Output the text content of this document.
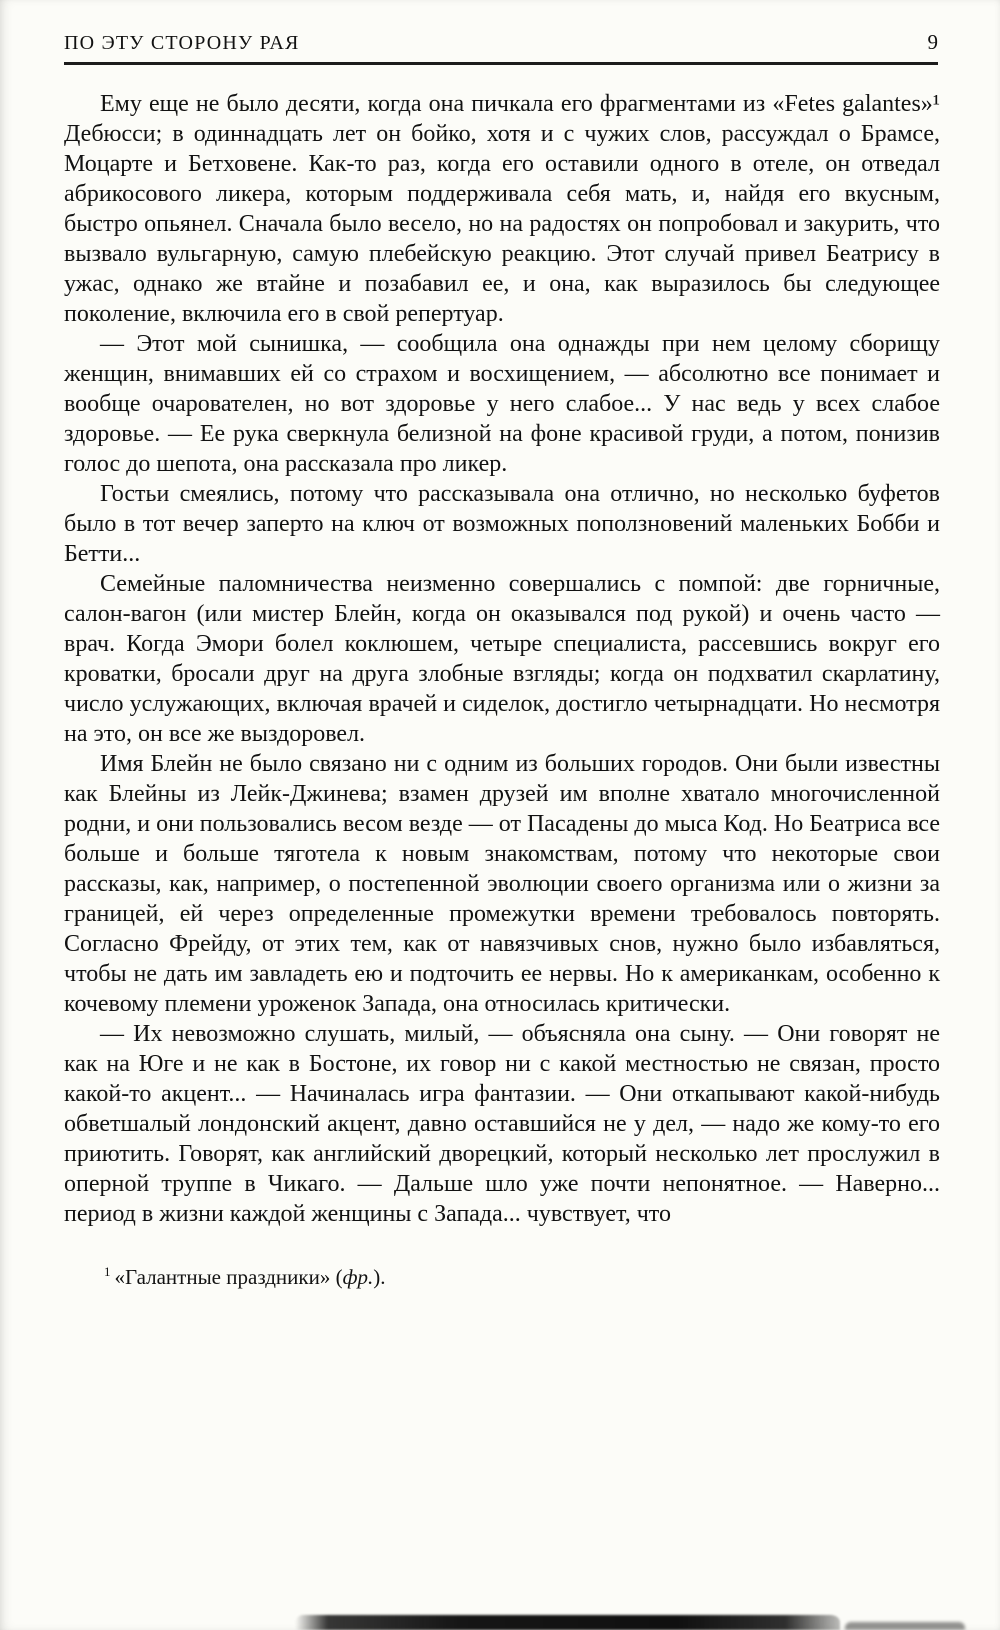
ПО ЭТУ СТОРОНУ РАЯ	9

Ему еще не было десяти, когда она пичкала его фрагментами из «Fetes galantes»¹ Дебюсси; в одиннадцать лет он бойко, хотя и с чужих слов, рассуждал о Брамсе, Моцарте и Бетховене. Как-то раз, когда его оставили одного в отеле, он отведал абрикосового ликера, которым поддерживала себя мать, и, найдя его вкусным, быстро опьянел. Сначала было весело, но на радостях он попробовал и закурить, что вызвало вульгарную, самую плебейскую реакцию. Этот случай привел Беатрису в ужас, однако же втайне и позабавил ее, и она, как выразилось бы следующее поколение, включила его в свой репертуар.

— Этот мой сынишка, — сообщила она однажды при нем целому сборищу женщин, внимавших ей со страхом и восхищением, — абсолютно все понимает и вообще очарователен, но вот здоровье у него слабое... У нас ведь у всех слабое здоровье. — Ее рука сверкнула белизной на фоне красивой груди, а потом, понизив голос до шепота, она рассказала про ликер.

Гостьи смеялись, потому что рассказывала она отлично, но несколько буфетов было в тот вечер заперто на ключ от возможных поползновений маленьких Бобби и Бетти...

Семейные паломничества неизменно совершались с помпой: две горничные, салон-вагон (или мистер Блейн, когда он оказывался под рукой) и очень часто — врач. Когда Эмори болел коклюшем, четыре специалиста, рассевшись вокруг его кроватки, бросали друг на друга злобные взгляды; когда он подхватил скарлатину, число услужающих, включая врачей и сиделок, достигло четырнадцати. Но несмотря на это, он все же выздоровел.

Имя Блейн не было связано ни с одним из больших городов. Они были известны как Блейны из Лейк-Джинева; взамен друзей им вполне хватало многочисленной родни, и они пользовались весом везде — от Пасадены до мыса Код. Но Беатриса все больше и больше тяготела к новым знакомствам, потому что некоторые свои рассказы, как, например, о постепенной эволюции своего организма или о жизни за границей, ей через определенные промежутки времени требовалось повторять. Согласно Фрейду, от этих тем, как от навязчивых снов, нужно было избавляться, чтобы не дать им завладеть ею и подточить ее нервы. Но к американкам, особенно к кочевому племени уроженок Запада, она относилась критически.

— Их невозможно слушать, милый, — объясняла она сыну. — Они говорят не как на Юге и не как в Бостоне, их говор ни с какой местностью не связан, просто какой-то акцент... — Начиналась игра фантазии. — Они откапывают какой-нибудь обветшалый лондонский акцент, давно оставшийся не у дел, — надо же кому-то его приютить. Говорят, как английский дворецкий, который несколько лет прослужил в оперной труппе в Чикаго. — Дальше шло уже почти непонятное. — Наверно... период в жизни каждой женщины с Запада... чувствует, что

$^1$ «Галантные праздники» (фр.).
